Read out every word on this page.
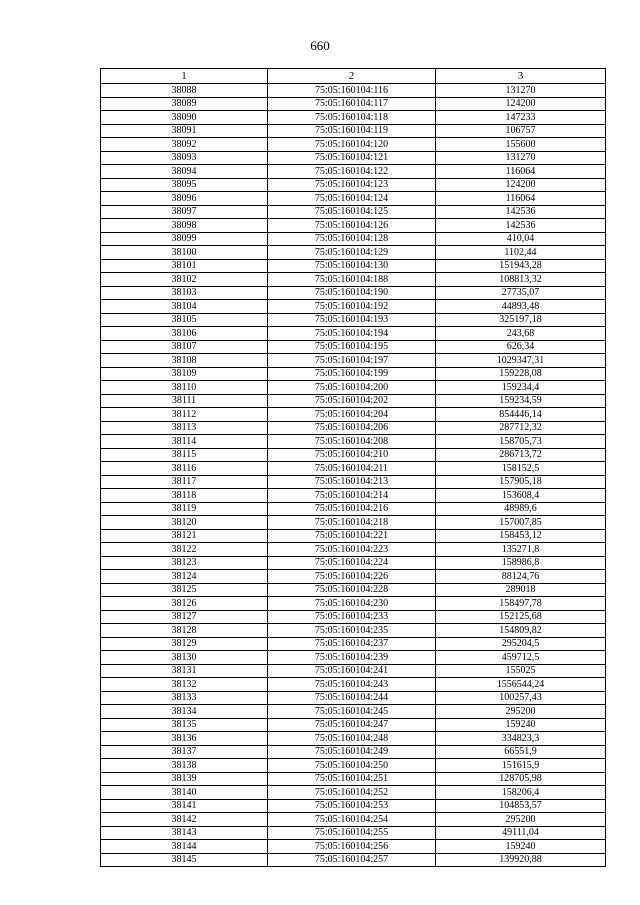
660
1	2	3
38088	75:05:160104:116	131270
38089	75:05:160104:117	124200
38090	75:05:160104:118	147233
38091	75:05:160104:119	106757
38092	75:05:160104:120	155600
38093	75:05:160104:121	131270
38094	75:05:160104:122	116064
38095	75:05:160104:123	124200
38096	75:05:160104:124	116064
38097	75:05:160104:125	142536
38098	75:05:160104:126	142536
38099	75:05:160104:128	410,04
38100	75:05:160104:129	1102,44
38101	75:05:160104:130	151943,28
38102	75:05:160104:188	108813,32
38103	75:05:160104:190	27735,07
38104	75:05:160104:192	44893,48
38105	75:05:160104:193	325197,18
38106	75:05:160104:194	243,68
38107	75:05:160104:195	626,34
38108	75:05:160104:197	1029347,31
38109	75:05:160104:199	159228,08
38110	75:05:160104:200	159234,4
38111	75:05:160104:202	159234,59
38112	75:05:160104:204	854446,14
38113	75:05:160104:206	287712,32
38114	75:05:160104:208	158705,73
38115	75:05:160104:210	286713,72
38116	75:05:160104:211	158152,5
38117	75:05:160104:213	157905,18
38118	75:05:160104:214	153608,4
38119	75:05:160104:216	48989,6
38120	75:05:160104:218	157007,85
38121	75:05:160104:221	158453,12
38122	75:05:160104:223	135271,8
38123	75:05:160104:224	158986,8
38124	75:05:160104:226	88124,76
38125	75:05:160104:228	289018
38126	75:05:160104:230	158497,78
38127	75:05:160104:233	152125,68
38128	75:05:160104:235	154809,82
38129	75:05:160104:237	295204,5
38130	75:05:160104:239	459712,5
38131	75:05:160104:241	155025
38132	75:05:160104:243	1556544,24
38133	75:05:160104:244	100257,43
38134	75:05:160104:245	295200
38135	75:05:160104:247	159240
38136	75:05:160104:248	334823,3
38137	75:05:160104:249	66551,9
38138	75:05:160104:250	151615,9
38139	75:05:160104:251	128705,98
38140	75:05:160104:252	158206,4
38141	75:05:160104:253	104853,57
38142	75:05:160104:254	295200
38143	75:05:160104:255	49111,04
38144	75:05:160104:256	159240
38145	75:05:160104:257	139920,88
